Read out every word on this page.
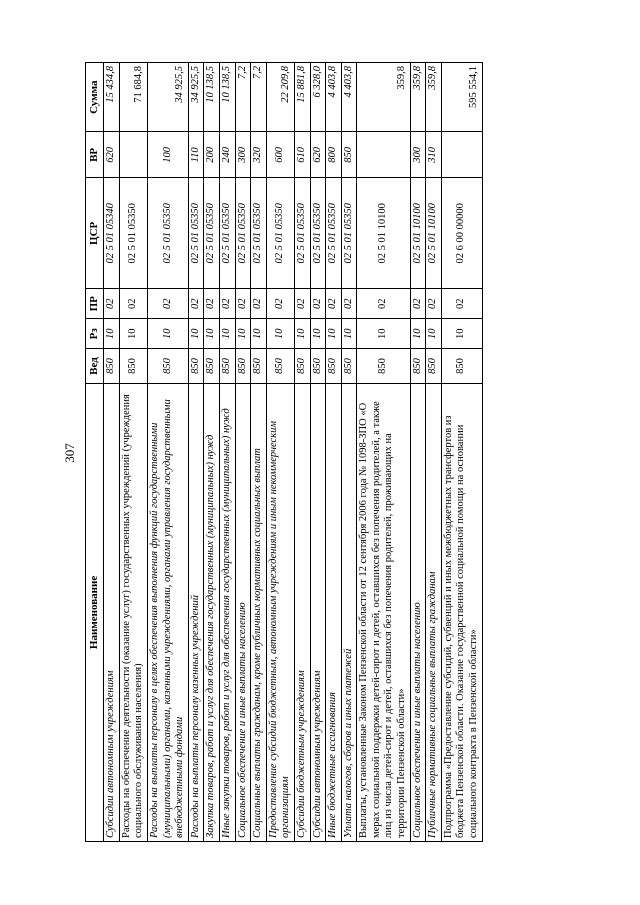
307
Наименование	Вед	Рз	ПР	ЦСР	ВР	Сумма
Субсидии автономным учреждениям	850	10	02	02 5 01 05340	620	15 434,8
Расходы на обеспечение деятельности (оказание услуг) государственных учреждений (учреждения социального обслуживания населения)	850	10	02	02 5 01 05350		71 684,8
Расходы на выплаты персоналу в целях обеспечения выполнения функций государственными (муниципальными) органами, казенными учреждениями, органами управления государственными внебюджетными фондами	850	10	02	02 5 01 05350	100	34 925,5
Расходы на выплаты персоналу казенных учреждений	850	10	02	02 5 01 05350	110	34 925,5
Закупка товаров, работ и услуг для обеспечения государственных (муниципальных) нужд	850	10	02	02 5 01 05350	200	10 138,5
Иные закупки товаров, работ и услуг для обеспечения государственных (муниципальных) нужд	850	10	02	02 5 01 05350	240	10 138,5
Социальное обеспечение и иные выплаты населению	850	10	02	02 5 01 05350	300	7,2
Социальные выплаты гражданам, кроме публичных нормативных социальных выплат	850	10	02	02 5 01 05350	320	7,2
Предоставление субсидий бюджетным, автономным учреждениям и иным некоммерческим организациям	850	10	02	02 5 01 05350	600	22 209,8
Субсидии бюджетным учреждениям	850	10	02	02 5 01 05350	610	15 881,8
Субсидии автономным учреждениям	850	10	02	02 5 01 05350	620	6 328,0
Иные бюджетные ассигнования	850	10	02	02 5 01 05350	800	4 403,8
Уплата налогов, сборов и иных платежей	850	10	02	02 5 01 05350	850	4 403,8
Выплаты, установленные Законом Пензенской области от 12 сентября 2006 года № 1098-ЗПО «О мерах социальной поддержки детей-сирот и детей, оставшихся без попечения родителей, а также лиц из числа детей-сирот и детей, оставшихся без попечения родителей, проживающих на территории Пензенской области»	850	10	02	02 5 01 10100		359,8
Социальное обеспечение и иные выплаты населению	850	10	02	02 5 01 10100	300	359,8
Публичные нормативные социальные выплаты гражданам	850	10	02	02 5 01 10100	310	359,8
Подпрограмма «Предоставление субсидий, субвенций и иных межбюджетных трансфертов из бюджета Пензенской области. Оказание государственной социальной помощи на основании социального контракта в Пензенской области»	850	10	02	02 6 00 00000		595 554,1
